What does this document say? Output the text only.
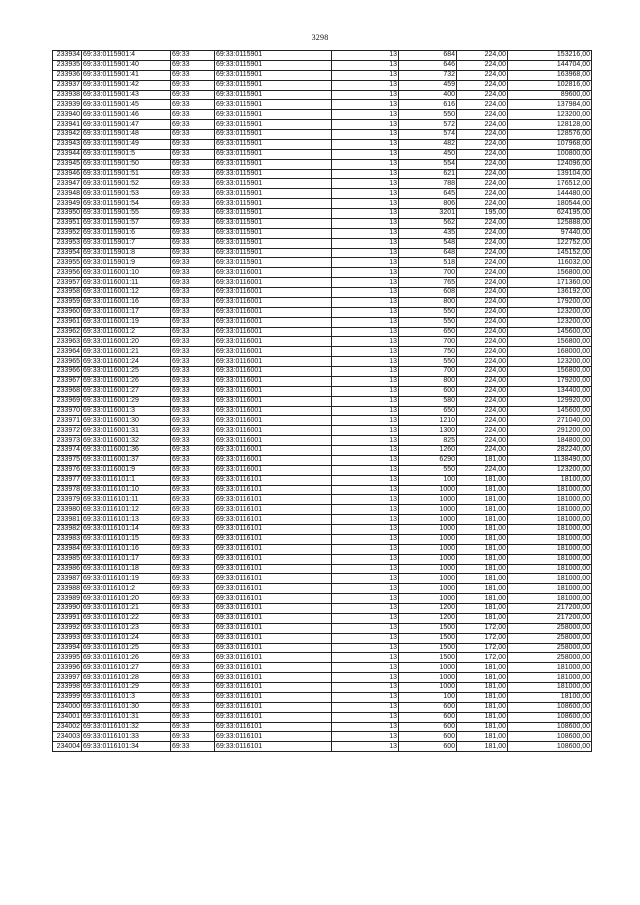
3298
233934	69:33:0115901:4	69:33	69:33:0115901	13	684	224,00	153216,00
233935	69:33:0115901:40	69:33	69:33:0115901	13	646	224,00	144704,00
233936	69:33:0115901:41	69:33	69:33:0115901	13	732	224,00	163968,00
233937	69:33:0115901:42	69:33	69:33:0115901	13	459	224,00	102816,00
233938	69:33:0115901:43	69:33	69:33:0115901	13	400	224,00	89600,00
233939	69:33:0115901:45	69:33	69:33:0115901	13	616	224,00	137984,00
233940	69:33:0115901:46	69:33	69:33:0115901	13	550	224,00	123200,00
233941	69:33:0115901:47	69:33	69:33:0115901	13	572	224,00	128128,00
233942	69:33:0115901:48	69:33	69:33:0115901	13	574	224,00	128576,00
233943	69:33:0115901:49	69:33	69:33:0115901	13	482	224,00	107968,00
233944	69:33:0115901:5	69:33	69:33:0115901	13	450	224,00	100800,00
233945	69:33:0115901:50	69:33	69:33:0115901	13	554	224,00	124096,00
233946	69:33:0115901:51	69:33	69:33:0115901	13	621	224,00	139104,00
233947	69:33:0115901:52	69:33	69:33:0115901	13	788	224,00	176512,00
233948	69:33:0115901:53	69:33	69:33:0115901	13	645	224,00	144480,00
233949	69:33:0115901:54	69:33	69:33:0115901	13	806	224,00	180544,00
233950	69:33:0115901:55	69:33	69:33:0115901	13	3201	195,00	624195,00
233951	69:33:0115901:57	69:33	69:33:0115901	13	562	224,00	125888,00
233952	69:33:0115901:6	69:33	69:33:0115901	13	435	224,00	97440,00
233953	69:33:0115901:7	69:33	69:33:0115901	13	548	224,00	122752,00
233954	69:33:0115901:8	69:33	69:33:0115901	13	648	224,00	145152,00
233955	69:33:0115901:9	69:33	69:33:0115901	13	518	224,00	116032,00
233956	69:33:0116001:10	69:33	69:33:0116001	13	700	224,00	156800,00
233957	69:33:0116001:11	69:33	69:33:0116001	13	765	224,00	171360,00
233958	69:33:0116001:12	69:33	69:33:0116001	13	608	224,00	136192,00
233959	69:33:0116001:16	69:33	69:33:0116001	13	800	224,00	179200,00
233960	69:33:0116001:17	69:33	69:33:0116001	13	550	224,00	123200,00
233961	69:33:0116001:19	69:33	69:33:0116001	13	550	224,00	123200,00
233962	69:33:0116001:2	69:33	69:33:0116001	13	650	224,00	145600,00
233963	69:33:0116001:20	69:33	69:33:0116001	13	700	224,00	156800,00
233964	69:33:0116001:21	69:33	69:33:0116001	13	750	224,00	168000,00
233965	69:33:0116001:24	69:33	69:33:0116001	13	550	224,00	123200,00
233966	69:33:0116001:25	69:33	69:33:0116001	13	700	224,00	156800,00
233967	69:33:0116001:26	69:33	69:33:0116001	13	800	224,00	179200,00
233968	69:33:0116001:27	69:33	69:33:0116001	13	600	224,00	134400,00
233969	69:33:0116001:29	69:33	69:33:0116001	13	580	224,00	129920,00
233970	69:33:0116001:3	69:33	69:33:0116001	13	650	224,00	145600,00
233971	69:33:0116001:30	69:33	69:33:0116001	13	1210	224,00	271040,00
233972	69:33:0116001:31	69:33	69:33:0116001	13	1300	224,00	291200,00
233973	69:33:0116001:32	69:33	69:33:0116001	13	825	224,00	184800,00
233974	69:33:0116001:36	69:33	69:33:0116001	13	1260	224,00	282240,00
233975	69:33:0116001:37	69:33	69:33:0116001	13	6290	181,00	1138490,00
233976	69:33:0116001:9	69:33	69:33:0116001	13	550	224,00	123200,00
233977	69:33:0116101:1	69:33	69:33:0116101	13	100	181,00	18100,00
233978	69:33:0116101:10	69:33	69:33:0116101	13	1000	181,00	181000,00
233979	69:33:0116101:11	69:33	69:33:0116101	13	1000	181,00	181000,00
233980	69:33:0116101:12	69:33	69:33:0116101	13	1000	181,00	181000,00
233981	69:33:0116101:13	69:33	69:33:0116101	13	1000	181,00	181000,00
233982	69:33:0116101:14	69:33	69:33:0116101	13	1000	181,00	181000,00
233983	69:33:0116101:15	69:33	69:33:0116101	13	1000	181,00	181000,00
233984	69:33:0116101:16	69:33	69:33:0116101	13	1000	181,00	181000,00
233985	69:33:0116101:17	69:33	69:33:0116101	13	1000	181,00	181000,00
233986	69:33:0116101:18	69:33	69:33:0116101	13	1000	181,00	181000,00
233987	69:33:0116101:19	69:33	69:33:0116101	13	1000	181,00	181000,00
233988	69:33:0116101:2	69:33	69:33:0116101	13	1000	181,00	181000,00
233989	69:33:0116101:20	69:33	69:33:0116101	13	1000	181,00	181000,00
233990	69:33:0116101:21	69:33	69:33:0116101	13	1200	181,00	217200,00
233991	69:33:0116101:22	69:33	69:33:0116101	13	1200	181,00	217200,00
233992	69:33:0116101:23	69:33	69:33:0116101	13	1500	172,00	258000,00
233993	69:33:0116101:24	69:33	69:33:0116101	13	1500	172,00	258000,00
233994	69:33:0116101:25	69:33	69:33:0116101	13	1500	172,00	258000,00
233995	69:33:0116101:26	69:33	69:33:0116101	13	1500	172,00	258000,00
233996	69:33:0116101:27	69:33	69:33:0116101	13	1000	181,00	181000,00
233997	69:33:0116101:28	69:33	69:33:0116101	13	1000	181,00	181000,00
233998	69:33:0116101:29	69:33	69:33:0116101	13	1000	181,00	181000,00
233999	69:33:0116101:3	69:33	69:33:0116101	13	100	181,00	18100,00
234000	69:33:0116101:30	69:33	69:33:0116101	13	600	181,00	108600,00
234001	69:33:0116101:31	69:33	69:33:0116101	13	600	181,00	108600,00
234002	69:33:0116101:32	69:33	69:33:0116101	13	600	181,00	108600,00
234003	69:33:0116101:33	69:33	69:33:0116101	13	600	181,00	108600,00
234004	69:33:0116101:34	69:33	69:33:0116101	13	600	181,00	108600,00
